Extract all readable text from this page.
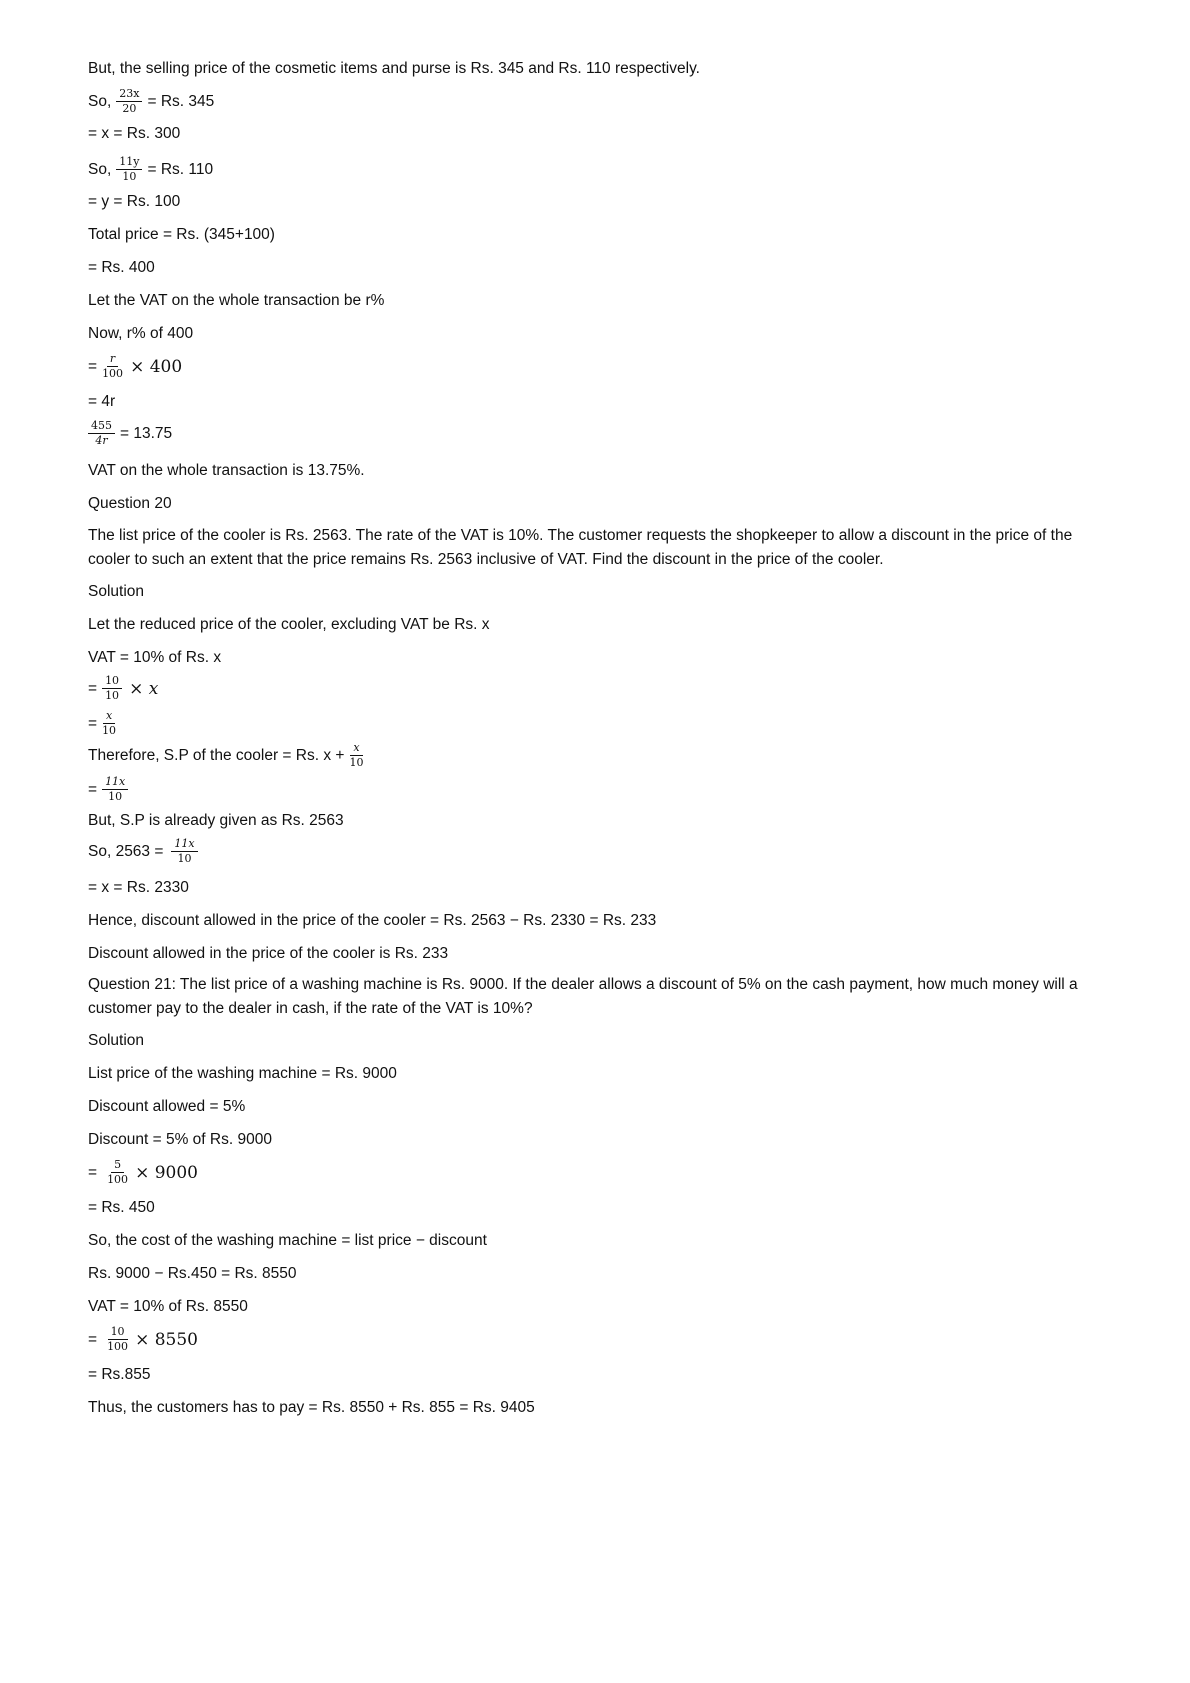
But, the selling price of the cosmetic items and purse is Rs. 345 and Rs. 110 respectively.
So, $\frac{23x}{20} = Rs$. 345
= x = Rs. 300
So, $\frac{11y}{10} = Rs$. 110
= y = Rs. 100
Total price = Rs. (345+100)
= Rs. 400
Let the VAT on the whole transaction be r%
Now, r% of 400
= $\frac{r}{100} \times 400$
= 4r
$\frac{455}{4r} = 13.75$
VAT on the whole transaction is 13.75%.
Question 20
The list price of the cooler is Rs. 2563. The rate of the VAT is 10%. The customer requests the shopkeeper to allow a discount in the price of the cooler to such an extent that the price remains Rs. 2563 inclusive of VAT. Find the discount in the price of the cooler.
Solution
Let the reduced price of the cooler, excluding VAT be Rs. x
VAT = 10% of Rs. x
= $\frac{10}{10} \times x$
= $\frac{x}{10}$
Therefore, S.P of the cooler = Rs. $x + \frac{x}{10}$
= $\frac{11x}{10}$
But, S.P is already given as Rs. 2563
So, $2563 = \frac{11x}{10}$
= x = Rs. 2330
Hence, discount allowed in the price of the cooler = Rs. 2563 − Rs. 2330 = Rs. 233
Discount allowed in the price of the cooler is Rs. 233
Question 21: The list price of a washing machine is Rs. 9000. If the dealer allows a discount of 5% on the cash payment, how much money will a customer pay to the dealer in cash, if the rate of the VAT is 10%?
Solution
List price of the washing machine = Rs. 9000
Discount allowed = 5%
Discount = 5% of Rs. 9000
= $\frac{5}{100} \times 9000$
= Rs. 450
So, the cost of the washing machine = list price − discount
Rs. 9000 − Rs.450 = Rs. 8550
VAT = 10% of Rs. 8550
= $\frac{10}{100} \times 8550$
= Rs.855
Thus, the customers has to pay = Rs. 8550 + Rs. 855 = Rs. 9405
